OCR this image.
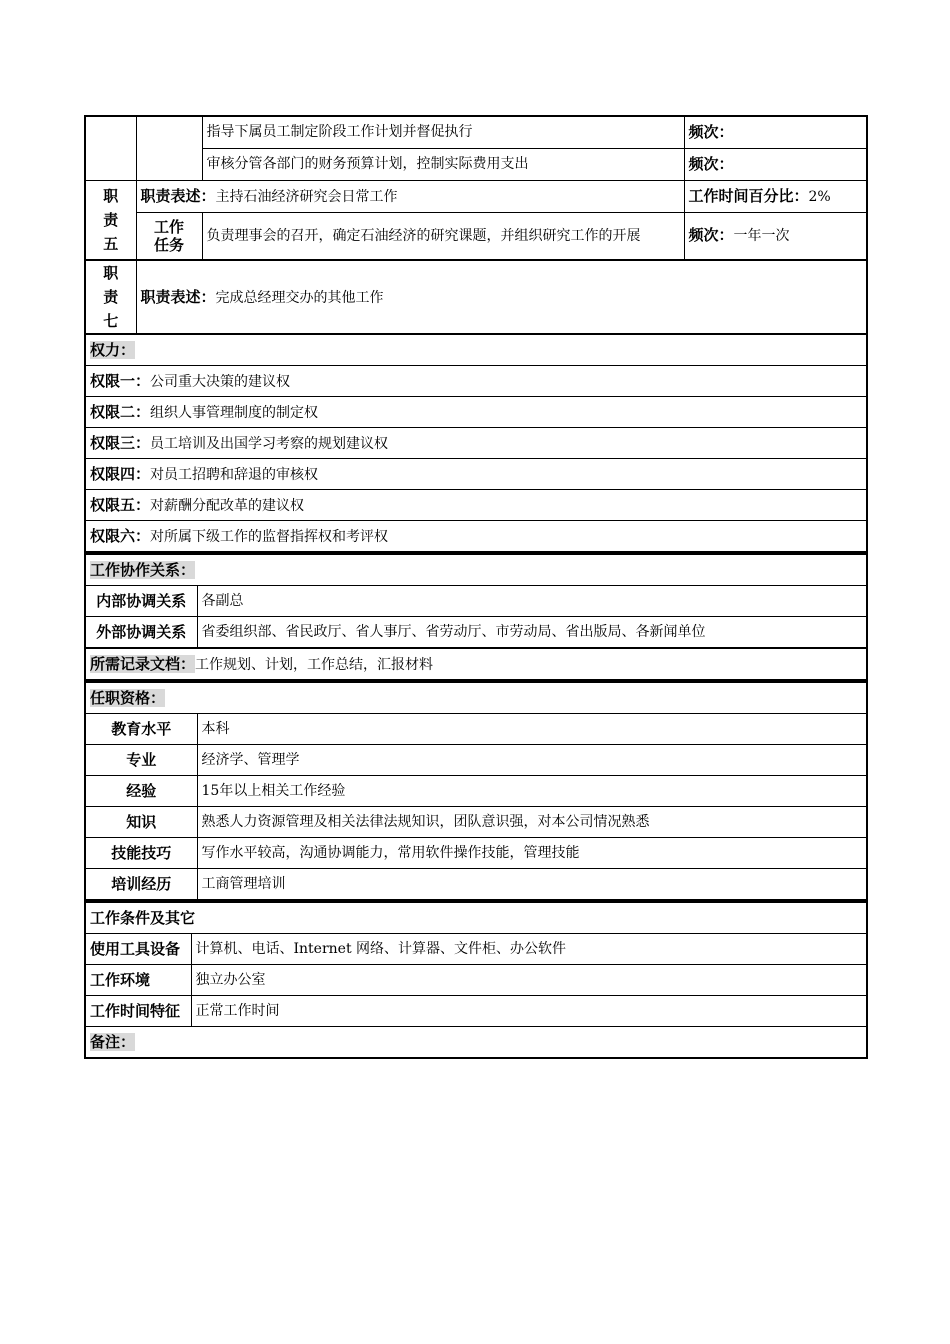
		指导下属员工制定阶段工作计划并督促执行	频次：
		审核分管各部门的财务预算计划，控制实际费用支出	频次：

职
责
五	职责表述：主持石油经济研究会日常工作		工作时间百分比：2%

	工作
任务	负责理事会的召开，确定石油经济的研究课题，并组织研究工作的开展	频次：一年一次

职
责
七	职责表述：完成总经理交办的其他工作		
权力：			
权限一：公司重大决策的建议权			
权限二：组织人事管理制度的制定权			
权限三：员工培训及出国学习考察的规划建议权			
权限四：对员工招聘和辞退的审核权			
权限五：对薪酬分配改革的建议权			
权限六：对所属下级工作的监督指挥权和考评权			
工作协作关系：	
内部协调关系	各副总
外部协调关系	省委组织部、省民政厅、省人事厅、省劳动厅、市劳动局、省出版局、各新闻单位
所需记录文档：工作规划、计划，工作总结，汇报材料	
任职资格：	
教育水平	本科
专业	经济学、管理学
经验	15年以上相关工作经验
知识	熟悉人力资源管理及相关法律法规知识，团队意识强，对本公司情况熟悉
技能技巧	写作水平较高，沟通协调能力，常用软件操作技能，管理技能
培训经历	工商管理培训
工作条件及其它	
使用工具设备	计算机、电话、Internet 网络、计算器、文件柜、办公软件
工作环境	独立办公室
工作时间特征	正常工作时间
备注：	
